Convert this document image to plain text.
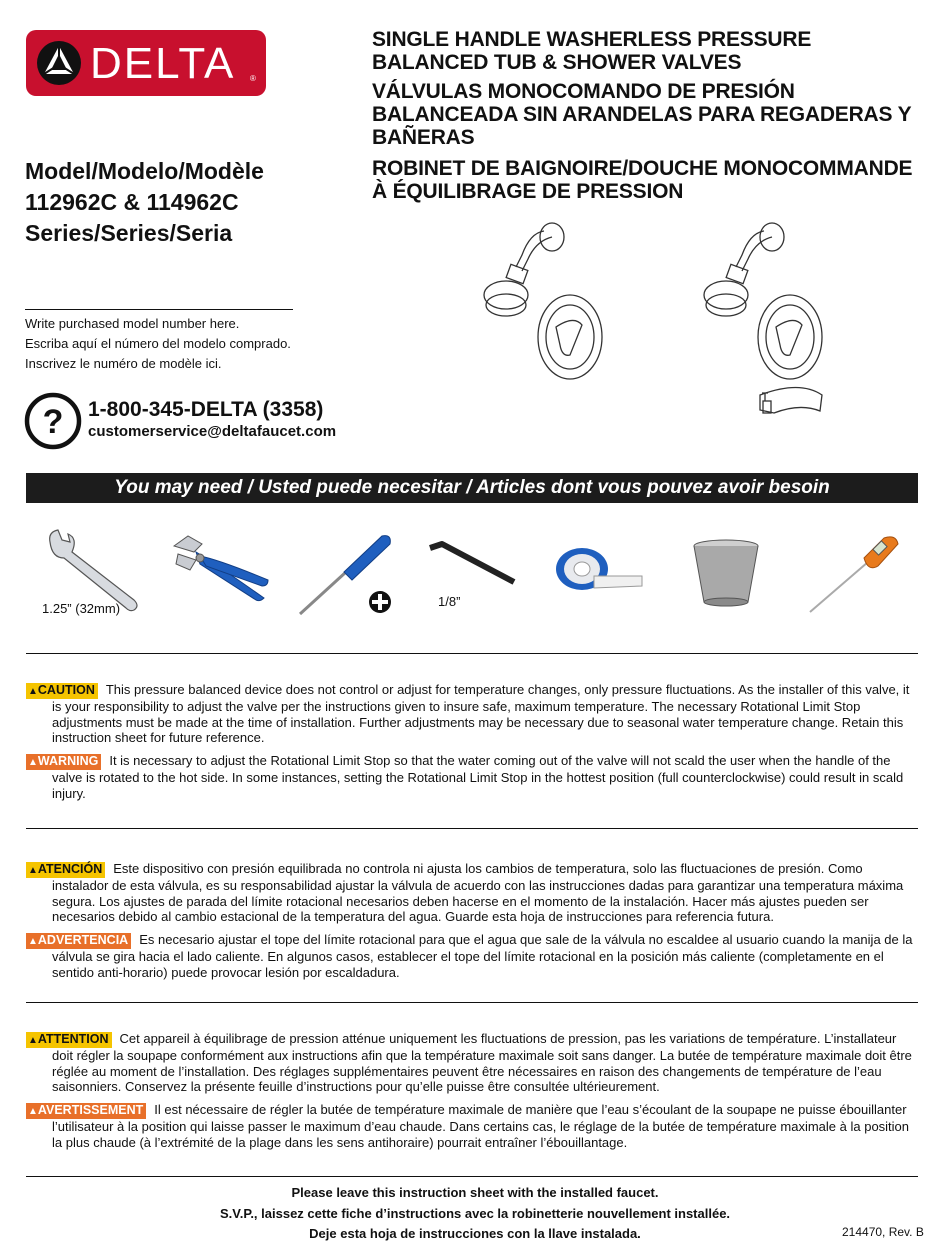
DELTA ®
SINGLE HANDLE WASHERLESS PRESSURE BALANCED TUB & SHOWER VALVES
VÁLVULAS MONOCOMANDO DE PRESIÓN BALANCEADA SIN ARANDELAS PARA REGADERAS Y BAÑERAS
ROBINET DE BAIGNOIRE/DOUCHE MONOCOMMANDE À ÉQUILIBRAGE DE PRESSION
Model/Modelo/Modèle
112962C & 114962C
Series/Series/Seria
Write purchased model number here.
Escriba aquí el número del modelo comprado.
Inscrivez le numéro de modèle ici.
? 1-800-345-DELTA (3358)
customerservice@deltafaucet.com
You may need / Usted puede necesitar / Articles dont vous pouvez avoir besoin
1.25” (32mm)	1/8”
▲CAUTION This pressure balanced device does not control or adjust for temperature changes, only pressure fluctuations. As the installer of this valve, it is your responsibility to adjust the valve per the instructions given to insure safe, maximum temperature. The necessary Rotational Limit Stop adjustments must be made at the time of installation. Further adjustments may be necessary due to seasonal water temperature change. Retain this instruction sheet for future reference.
▲WARNING It is necessary to adjust the Rotational Limit Stop so that the water coming out of the valve will not scald the user when the handle of the valve is rotated to the hot side. In some instances, setting the Rotational Limit Stop in the hottest position (full counterclockwise) could result in scald injury.
▲ATENCIÓN Este dispositivo con presión equilibrada no controla ni ajusta los cambios de temperatura, solo las fluctuaciones de presión. Como instalador de esta válvula, es su responsabilidad ajustar la válvula de acuerdo con las instrucciones dadas para garantizar una temperatura máxima segura. Los ajustes de parada del límite rotacional necesarios deben hacerse en el momento de la instalación. Hacer más ajustes pueden ser necesarios debido al cambio estacional de la temperatura del agua. Guarde esta hoja de instrucciones para referencia futura.
▲ADVERTENCIA Es necesario ajustar el tope del límite rotacional para que el agua que sale de la válvula no escaldee al usuario cuando la manija de la válvula se gira hacia el lado caliente. En algunos casos, establecer el tope del límite rotacional en la posición más caliente (completamente en el sentido anti-horario) puede provocar lesión por escaldadura.
▲ATTENTION Cet appareil à équilibrage de pression atténue uniquement les fluctuations de pression, pas les variations de température. L’installateur doit régler la soupape conformément aux instructions afin que la température maximale soit sans danger. La butée de température maximale doit être réglée au moment de l’installation. Des réglages supplémentaires peuvent être nécessaires en raison des changements de température de l’eau saisonniers. Conservez la présente feuille d’instructions pour qu’elle puisse être consultée ultérieurement.
▲AVERTISSEMENT Il est nécessaire de régler la butée de température maximale de manière que l’eau s’écoulant de la soupape ne puisse ébouillanter l’utilisateur à la position qui laisse passer le maximum d’eau chaude. Dans certains cas, le réglage de la butée de température maximale à la position la plus chaude (à l’extrémité de la plage dans les sens antihoraire) pourrait entraîner l’ébouillantage.
Please leave this instruction sheet with the installed faucet.
S.V.P., laissez cette fiche d’instructions avec la robinetterie nouvellement installée.
Deje esta hoja de instrucciones con la llave instalada.	214470, Rev. B
